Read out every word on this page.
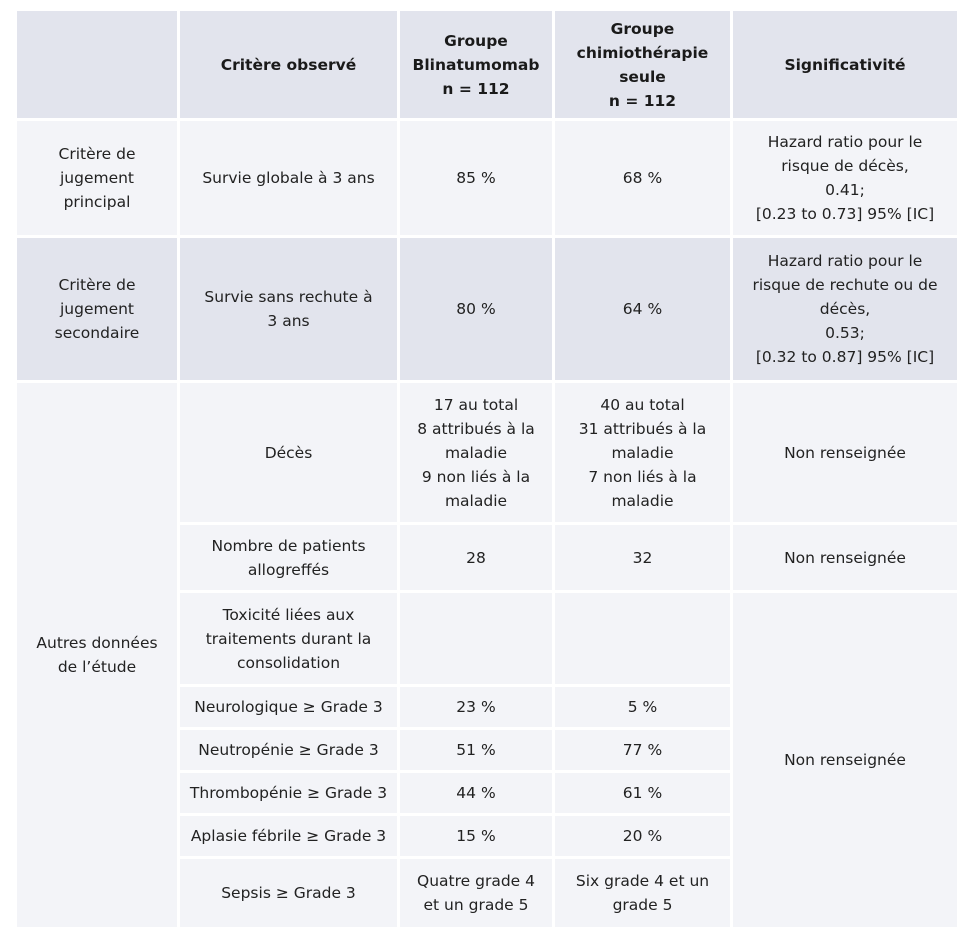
	Critère observé	Groupe
Blinatumomab
n = 112	Groupe
chimiothérapie
seule
n = 112	Significativité
Critère de
jugement
principal	Survie globale à 3 ans	85 %	68 %	Hazard ratio pour le
risque de décès,
0.41;
[0.23 to 0.73] 95% [IC]
Critère de
jugement
secondaire	Survie sans rechute à
3 ans	80 %	64 %	Hazard ratio pour le
risque de rechute ou de
décès,
0.53;
[0.32 to 0.87] 95% [IC]
Autres données
de l’étude	Décès	17 au total
8 attribués à la
maladie
9 non liés à la
maladie	40 au total
31 attribués à la
maladie
7 non liés à la
maladie	Non renseignée
	Nombre de patients
allogreffés	28	32	Non renseignée
	Toxicité liées aux
traitements durant la
consolidation			Non renseignée
	Neurologique ≥ Grade 3	23 %	5 %	
	Neutropénie ≥ Grade 3	51 %	77 %	
	Thrombopénie ≥ Grade 3	44 %	61 %	
	Aplasie fébrile ≥ Grade 3	15 %	20 %	
	Sepsis ≥ Grade 3	Quatre grade 4
et un grade 5	Six grade 4 et un
grade 5	
